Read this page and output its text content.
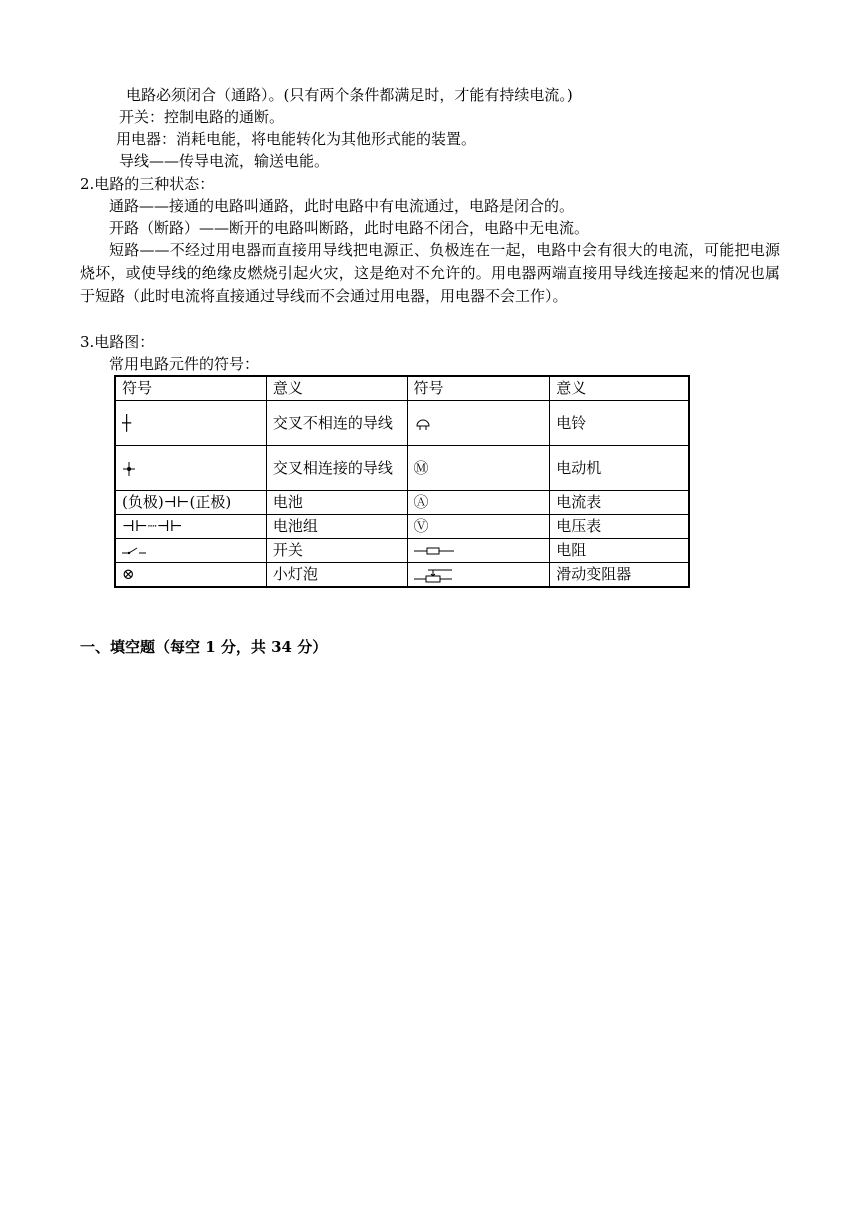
电路必须闭合（通路）。(只有两个条件都满足时，才能有持续电流。)
开关：控制电路的通断。
用电器：消耗电能，将电能转化为其他形式能的装置。
导线——传导电流，输送电能。
2.电路的三种状态：
通路——接通的电路叫通路，此时电路中有电流通过，电路是闭合的。
开路（断路）——断开的电路叫断路，此时电路不闭合，电路中无电流。
短路——不经过用电器而直接用导线把电源正、负极连在一起，电路中会有很大的电流，可能把电源烧坏，或使导线的绝缘皮燃烧引起火灾，这是绝对不允许的。用电器两端直接用导线连接起来的情况也属于短路（此时电流将直接通过导线而不会通过用电器，用电器不会工作）。
3.电路图：
常用电路元件的符号：
符号	意义	符号	意义
┼	交叉不相连的导线		电铃
	交叉相连接的导线	Ⓜ	电动机
(负极)⊣⊢(正极)	电池	Ⓐ	电流表
⊣⊢┈⊣⊢	电池组	Ⓥ	电压表
	开关		电阻
⊗	小灯泡		滑动变阻器
一、填空题（每空 1 分，共 34 分）
